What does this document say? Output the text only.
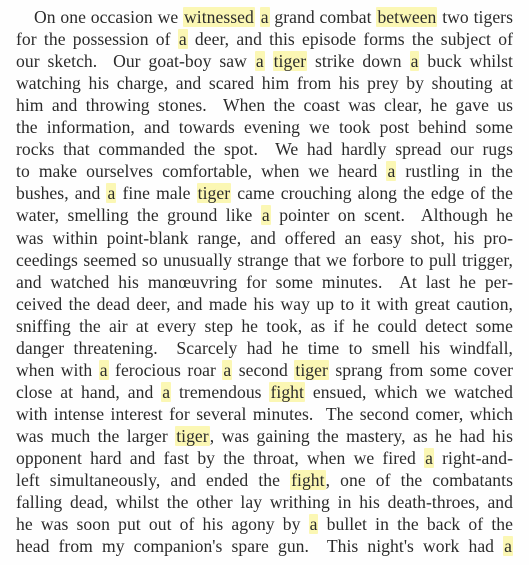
On one occasion we witnessed a grand combat between two tigers
for the possession of a deer, and this episode forms the subject of
our sketch.  Our goat-boy saw a tiger strike down a buck whilst
watching his charge, and scared him from his prey by shouting at
him and throwing stones.  When the coast was clear, he gave us
the information, and towards evening we took post behind some
rocks that commanded the spot.  We had hardly spread our rugs
to make ourselves comfortable, when we heard a rustling in the
bushes, and a fine male tiger came crouching along the edge of the
water, smelling the ground like a pointer on scent.  Although he
was within point-blank range, and offered an easy shot, his pro-
ceedings seemed so unusually strange that we forbore to pull trigger,
and watched his manœuvring for some minutes.  At last he per-
ceived the dead deer, and made his way up to it with great caution,
sniffing the air at every step he took, as if he could detect some
danger threatening.  Scarcely had he time to smell his windfall,
when with a ferocious roar a second tiger sprang from some cover
close at hand, and a tremendous fight ensued, which we watched
with intense interest for several minutes.  The second comer, which
was much the larger tiger, was gaining the mastery, as he had his
opponent hard and fast by the throat, when we fired a right-and-
left simultaneously, and ended the fight, one of the combatants
falling dead, whilst the other lay writhing in his death-throes, and
he was soon put out of his agony by a bullet in the back of the
head from my companion's spare gun.  This night's work had a
